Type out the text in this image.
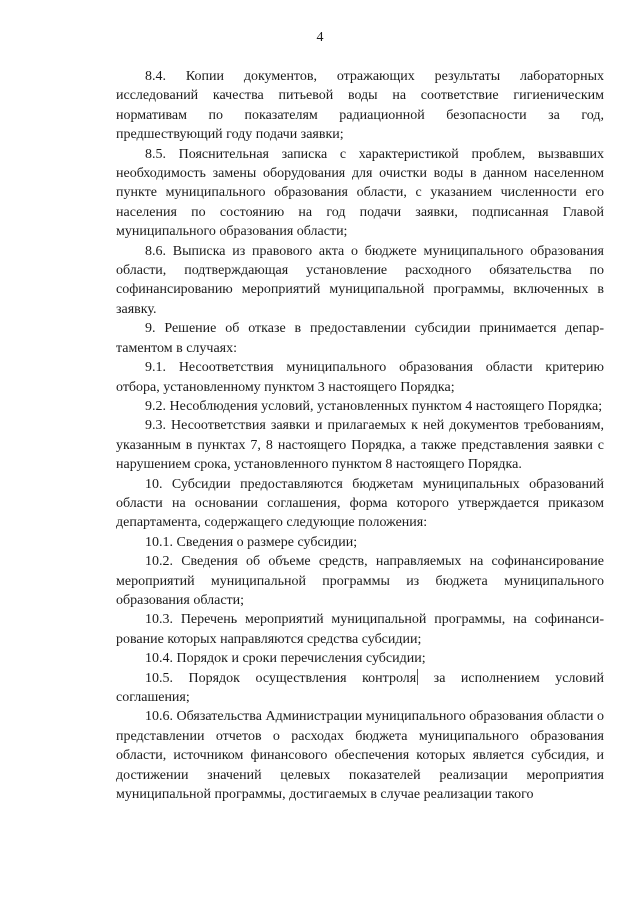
4

8.4. Копии документов, отражающих результаты лабораторных исследований качества питьевой воды на соответствие гигиеническим нормативам по показателям радиационной безопасности за год, предшествующий году подачи заявки;

8.5. Пояснительная записка с характеристикой проблем, вызвавших необходимость замены оборудования для очистки воды в данном населенном пункте муниципального образования области, с указанием численности его населения по состоянию на год подачи заявки, подписанная Главой муниципального образования области;

8.6. Выписка из правового акта о бюджете муниципального образования области, подтверждающая установление расходного обязательства по софинансированию мероприятий муниципальной программы, включенных в заявку.

9. Решение об отказе в предоставлении субсидии принимается департаментом в случаях:

9.1. Несоответствия муниципального образования области критерию отбора, установленному пунктом 3 настоящего Порядка;

9.2. Несоблюдения условий, установленных пунктом 4 настоящего Порядка;

9.3. Несоответствия заявки и прилагаемых к ней документов требованиям, указанным в пунктах 7, 8 настоящего Порядка, а также представления заявки с нарушением срока, установленного пунктом 8 настоящего Порядка.

10. Субсидии предоставляются бюджетам муниципальных образований области на основании соглашения, форма которого утверждается приказом департамента, содержащего следующие положения:

10.1. Сведения о размере субсидии;

10.2. Сведения об объеме средств, направляемых на софинансирование мероприятий муниципальной программы из бюджета муниципального образования области;

10.3. Перечень мероприятий муниципальной программы, на софинансирование которых направляются средства субсидии;

10.4. Порядок и сроки перечисления субсидии;

10.5. Порядок осуществления контроля за исполнением условий соглашения;

10.6. Обязательства Администрации муниципального образования области о представлении отчетов о расходах бюджета муниципального образования области, источником финансового обеспечения которых является субсидия, и достижении значений целевых показателей реализации мероприятия муниципальной программы, достигаемых в случае реализации такого
